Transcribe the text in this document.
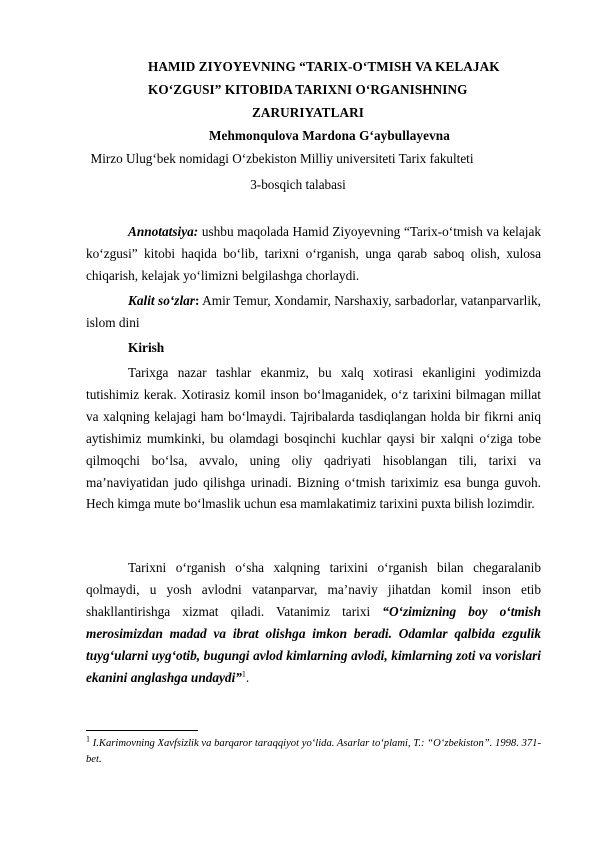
HAMID ZIYOYEVNING “TARIX-O‘TMISH VA KELAJAK
KO‘ZGUSI” KITOBIDA TARIXNI O‘RGANISHNING
ZARURIYATLARI
Mehmonqulova Mardona G‘aybullayevna
Mirzo Ulug‘bek nomidagi O‘zbekiston Milliy universiteti Tarix fakulteti
3-bosqich talabasi
Annotatsiya: ushbu maqolada Hamid Ziyoyevning “Tarix-o‘tmish va kelajak ko‘zgusi” kitobi haqida bo‘lib, tarixni o‘rganish, unga qarab saboq olish, xulosa chiqarish, kelajak yo‘limizni belgilashga chorlaydi.
Kalit so‘zlar: Amir Temur, Xondamir, Narshaxiy, sarbadorlar, vatanparvarlik, islom dini
Kirish
Tarixga nazar tashlar ekanmiz, bu xalq xotirasi ekanligini yodimizda tutishimiz kerak. Xotirasiz komil inson bo‘lmaganidek, o‘z tarixini bilmagan millat va xalqning kelajagi ham bo‘lmaydi. Tajribalarda tasdiqlangan holda bir fikrni aniq aytishimiz mumkinki, bu olamdagi bosqinchi kuchlar qaysi bir xalqni o‘ziga tobe qilmoqchi bo‘lsa, avvalo, uning oliy qadriyati hisoblangan tili, tarixi va ma’naviyatidan judo qilishga urinadi. Bizning o‘tmish tariximiz esa bunga guvoh. Hech kimga mute bo‘lmaslik uchun esa mamlakatimiz tarixini puxta bilish lozimdir.
Tarixni o‘rganish o‘sha xalqning tarixini o‘rganish bilan chegaralanib qolmaydi, u yosh avlodni vatanparvar, ma’naviy jihatdan komil inson etib shakllantirishga xizmat qiladi. Vatanimiz tarixi “O‘zimizning boy o‘tmish merosimizdan madad va ibrat olishga imkon beradi. Odamlar qalbida ezgulik tuyg‘ularni uyg‘otib, bugungi avlod kimlarning avlodi, kimlarning zoti va vorislari ekanini anglashga undaydi”$^1$.
$^1$ I.Karimovning Xavfsizlik va barqaror taraqqiyot yo‘lida. Asarlar to‘plami, T.: “O‘zbekiston”. 1998. 371-bet.
